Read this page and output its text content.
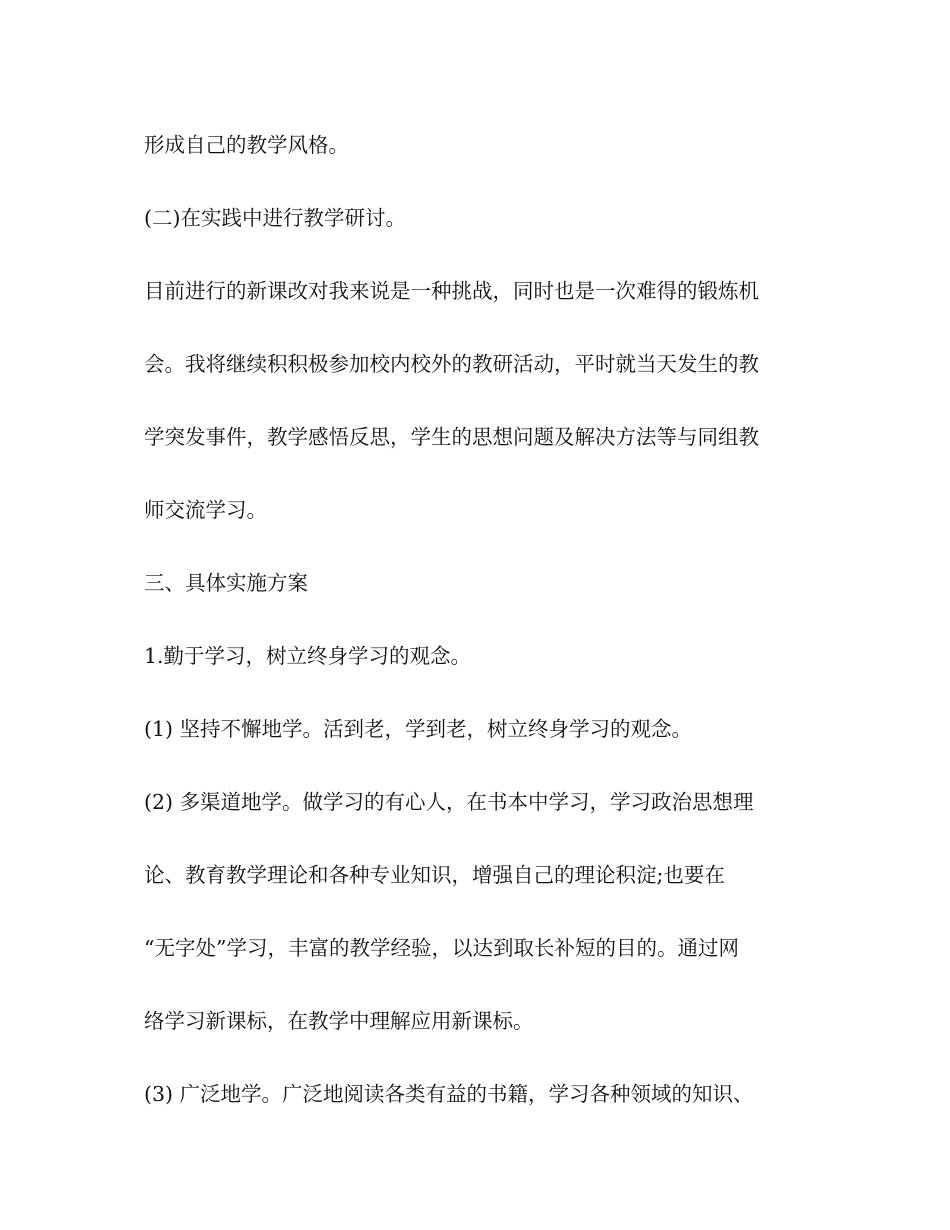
形成自己的教学风格。
(二)在实践中进行教学研讨。
目前进行的新课改对我来说是一种挑战，同时也是一次难得的锻炼机
会。我将继续积积极参加校内校外的教研活动，平时就当天发生的教
学突发事件，教学感悟反思，学生的思想问题及解决方法等与同组教
师交流学习。
三、具体实施方案
1.勤于学习，树立终身学习的观念。
(1) 坚持不懈地学。活到老，学到老，树立终身学习的观念。
(2) 多渠道地学。做学习的有心人，在书本中学习，学习政治思想理
论、教育教学理论和各种专业知识，增强自己的理论积淀;也要在
“无字处”学习，丰富的教学经验，以达到取长补短的目的。通过网
络学习新课标，在教学中理解应用新课标。
(3) 广泛地学。广泛地阅读各类有益的书籍，学习各种领域的知识、
